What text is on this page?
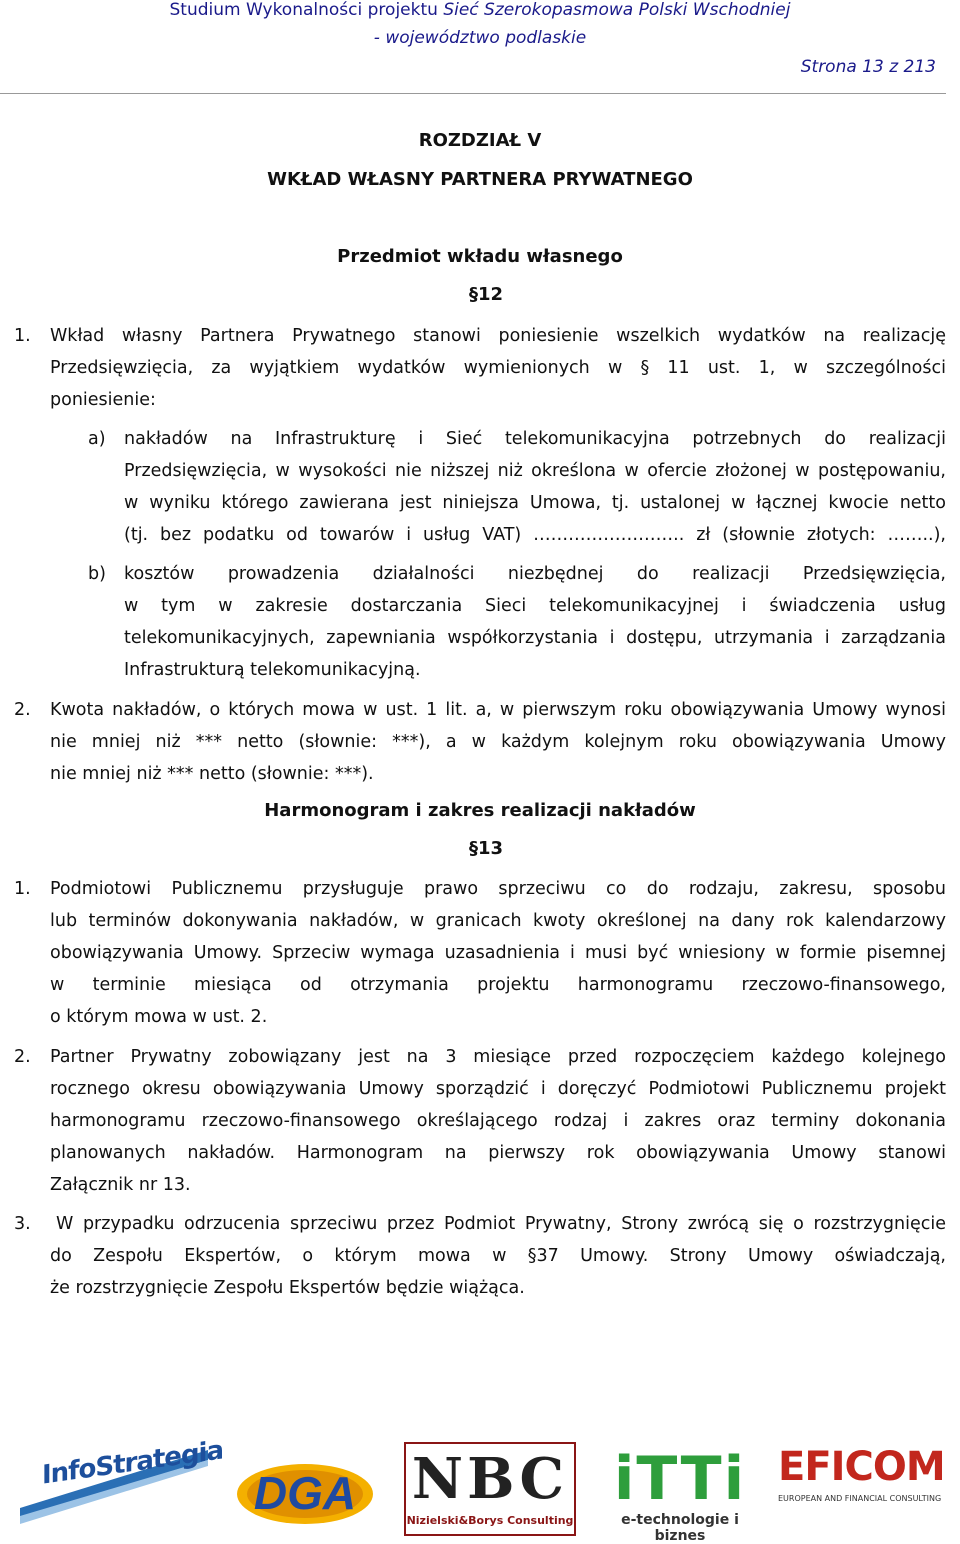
Studium Wykonalności projektu Sieć Szerokopasmowa Polski Wschodniej
- województwo podlaskie
Strona 13 z 213
ROZDZIAŁ V
WKŁAD WŁASNY PARTNERA PRYWATNEGO
Przedmiot wkładu własnego
§12
1. Wkład własny Partnera Prywatnego stanowi poniesienie wszelkich wydatków na realizację
Przedsięwzięcia, za wyjątkiem wydatków wymienionych w § 11 ust. 1, w szczególności
poniesienie:
a) nakładów na Infrastrukturę i Sieć telekomunikacyjna potrzebnych do realizacji
Przedsięwzięcia, w wysokości nie niższej niż określona w ofercie złożonej w postępowaniu,
w wyniku którego zawierana jest niniejsza Umowa, tj. ustalonej w łącznej kwocie netto
(tj. bez podatku od towarów i usług VAT) …………………….. zł (słownie złotych: ……..),
b) kosztów prowadzenia działalności niezbędnej do realizacji Przedsięwzięcia,
w tym w zakresie dostarczania Sieci telekomunikacyjnej i świadczenia usług
telekomunikacyjnych, zapewniania współkorzystania i dostępu, utrzymania i zarządzania
Infrastrukturą telekomunikacyjną.
2. Kwota nakładów, o których mowa w ust. 1 lit. a, w pierwszym roku obowiązywania Umowy wynosi
nie mniej niż *** netto (słownie: ***), a w każdym kolejnym roku obowiązywania Umowy
nie mniej niż *** netto (słownie: ***).
Harmonogram i zakres realizacji nakładów
§13
1. Podmiotowi Publicznemu przysługuje prawo sprzeciwu co do rodzaju, zakresu, sposobu
lub terminów dokonywania nakładów, w granicach kwoty określonej na dany rok kalendarzowy
obowiązywania Umowy. Sprzeciw wymaga uzasadnienia i musi być wniesiony w formie pisemnej
w terminie miesiąca od otrzymania projektu harmonogramu rzeczowo-finansowego,
o którym mowa w ust. 2.
2. Partner Prywatny zobowiązany jest na 3 miesiące przed rozpoczęciem każdego kolejnego
rocznego okresu obowiązywania Umowy sporządzić i doręczyć Podmiotowi Publicznemu projekt
harmonogramu rzeczowo-finansowego określającego rodzaj i zakres oraz terminy dokonania
planowanych nakładów. Harmonogram na pierwszy rok obowiązywania Umowy stanowi
Załącznik nr 13.
3. W przypadku odrzucenia sprzeciwu przez Podmiot Prywatny, Strony zwrócą się o rozstrzygnięcie
do Zespołu Ekspertów, o którym mowa w §37 Umowy. Strony Umowy oświadczają,
że rozstrzygnięcie Zespołu Ekspertów będzie wiążąca.
InfoStrategia
DGA NBC
Nizielski&Borys Consulting
iTTi
e-technologie i biznes
EFICOM
EUROPEAN AND FINANCIAL CONSULTING
